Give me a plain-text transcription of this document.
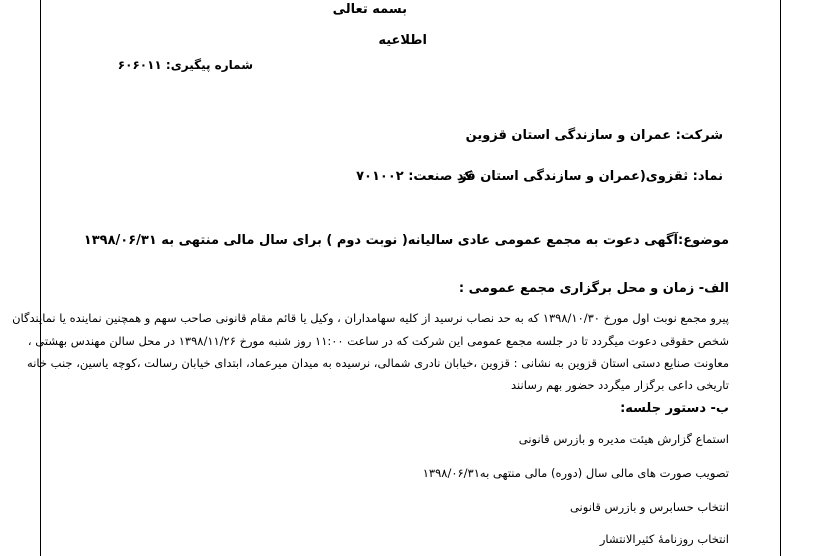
بسمه تعالی
اطلاعیه
شماره پیگیری: ۶۰۶۰۱۱
شرکت: عمران و سازندگی استان قزوین
نماد: ثقزوی(عمران و سازندگی استان قز
کد صنعت: ۷۰۱۰۰۲
موضوع:آگهی دعوت به مجمع عمومی عادی سالیانه( نوبت دوم ) برای سال مالی منتهی به ۱۳۹۸/۰۶/۳۱
الف- زمان و محل برگزاری مجمع عمومی :
پیرو مجمع نوبت اول مورخ ۱۳۹۸/۱۰/۳۰ که به حد نصاب نرسید از کلیه سهامداران ، وکیل یا قائم مقام قانونی صاحب سهم و همچنین نماینده یا نمایندگان
شخص حقوقی دعوت میگردد تا در جلسه مجمع عمومی این شرکت که در ساعت ۱۱:۰۰ روز شنبه مورخ ۱۳۹۸/۱۱/۲۶ در محل سالن مهندس بهشتی ،
معاونت صنایع دستی استان قزوین به نشانی : قزوین ،خیابان نادری شمالی، نرسیده به میدان میرعماد، ابتدای خیابان رسالت ،کوچه یاسین، جنب خانه
تاریخی داعی برگزار میگردد حضور بهم رسانند
ب- دستور جلسه:
استماع گزارش هیئت مدیره و بازرس قانونی
تصویب صورت های مالی سال (دوره) مالی منتهی به۱۳۹۸/۰۶/۳۱
انتخاب حسابرس و بازرس قانونی
انتخاب روزنامۀ کثیرالانتشار
